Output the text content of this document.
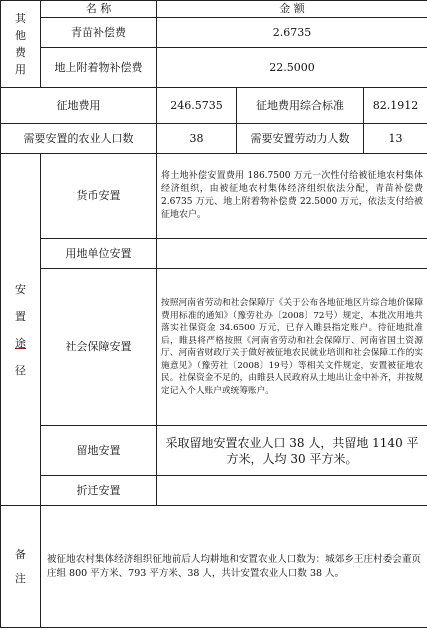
其
他
费
用	名 称	金 额		
	青苗补偿费	2.6735		
	地上附着物补偿费	22.5000		
征地费用		246.5735	征地费用综合标准	82.1912
需要安置的农业人口数		38	需要安置劳动力人数	13

安
置
途
径	货币安置	将土地补偿安置费用 186.7500 万元一次性付给被征地农村集体经济组织，由被征地农村集体经济组织依法分配，青苗补偿费 2.6735 万元、地上附着物补偿费 22.5000 万元，依法支付给被征地农户。		
	用地单位安置			
	社会保障安置	按照河南省劳动和社会保障厅《关于公布各地征地区片综合地价保障费用标准的通知》（豫劳社办〔2008〕72号）规定，本批次用地共落实社保资金 34.6500 万元，已存入睢县指定账户。待征地批准后，睢县将严格按照《河南省劳动和社会保障厅、河南省国土资源厅、河南省财政厅关于做好被征地农民就业培训和社会保障工作的实施意见》（豫劳社〔2008〕19号）等相关文件规定，安置被征地农民。社保资金不足的，由睢县人民政府从土地出让金中补齐，并按规定记入个人账户或统筹账户。		
	留地安置	采取留地安置农业人口 38 人，共留地 1140 平方米，人均 30 平方米。		
	折迁安置			

备
注	被征地农村集体经济组织征地前后人均耕地和安置农业人口数为：城郊乡王庄村委会董页庄组 800 平方米、793 平方米、38 人，共计安置农业人口数 38 人。			
